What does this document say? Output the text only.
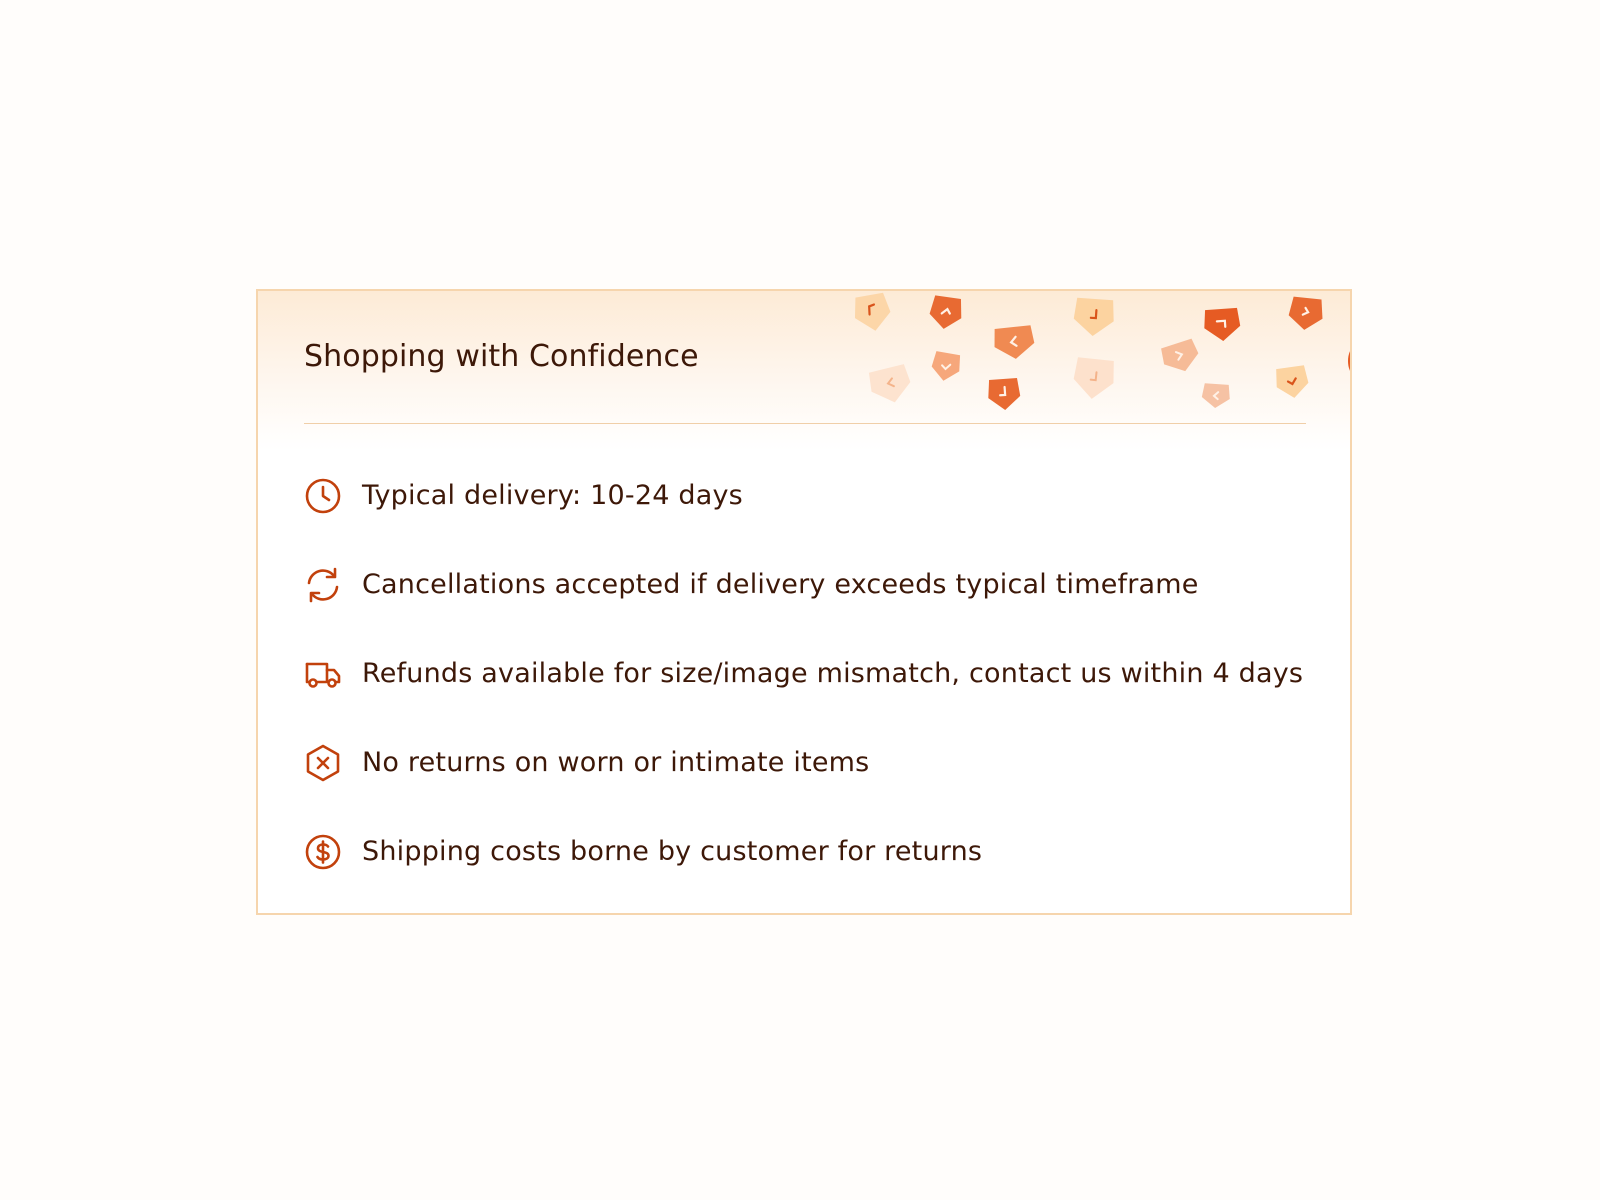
Shopping with Confidence
Typical delivery: 10-24 days
Cancellations accepted if delivery exceeds typical timeframe
Refunds available for size/image mismatch, contact us within 4 days
No returns on worn or intimate items
Shipping costs borne by customer for returns
